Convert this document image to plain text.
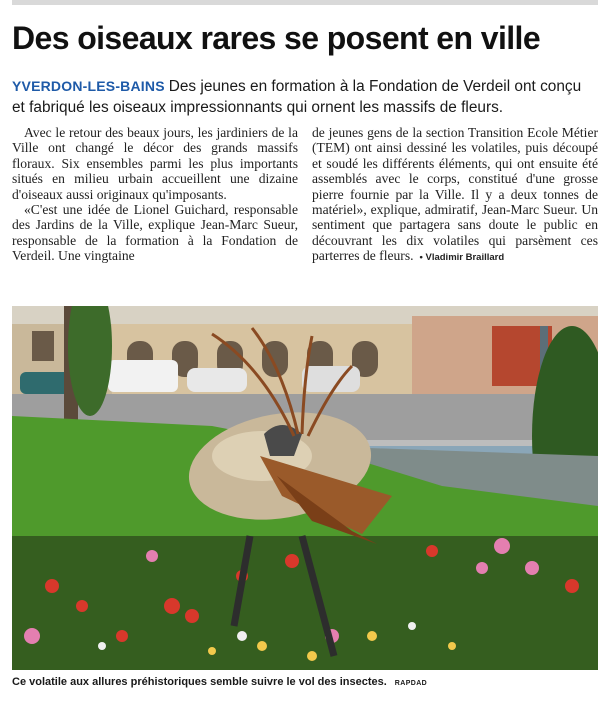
Des oiseaux rares se posent en ville
YVERDON-LES-BAINS Des jeunes en formation à la Fondation de Verdeil ont conçu et fabriqué les oiseaux impressionnants qui ornent les massifs de fleurs.

Avec le retour des beaux jours, les jardiniers de la Ville ont changé le décor des grands massifs floraux. Six ensembles parmi les plus importants situés en milieu urbain accueillent une dizaine d'oiseaux aussi originaux qu'imposants.

«C'est une idée de Lionel Guichard, responsable des Jardins de la Ville, explique Jean-Marc Sueur, responsable de la formation à la Fondation de Verdeil. Une vingtaine

de jeunes gens de la section Transition Ecole Métier (TEM) ont ainsi dessiné les volatiles, puis découpé et soudé les différents éléments, qui ont ensuite été assemblés avec le corps, constitué d'une grosse pierre fournie par la Ville. Il y a deux tonnes de matériel», explique, admiratif, Jean-Marc Sueur. Un sentiment que partagera sans doute le public en découvrant les dix volatiles qui parsèment ces parterres de fleurs. • Vladimir Braillard

Ce volatile aux allures préhistoriques semble suivre le vol des insectes. RAPDAD
